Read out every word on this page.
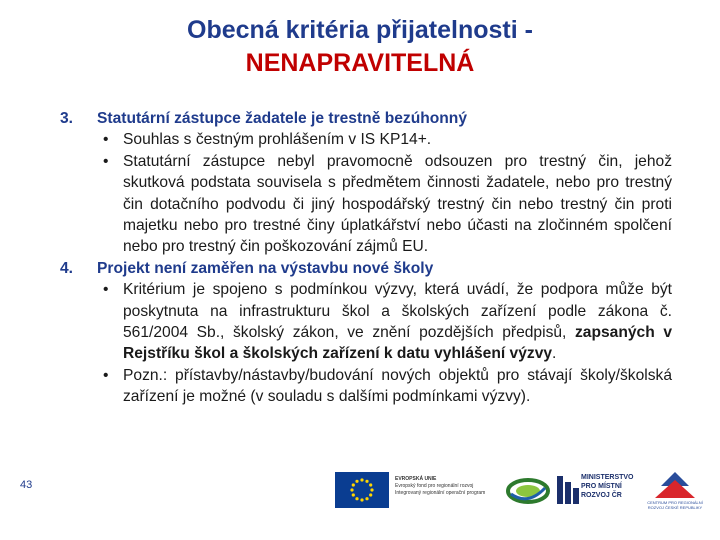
Obecná kritéria přijatelnosti -
NENAPRAVITELNÁ
3. Statutární zástupce žadatele je trestně bezúhonný
• Souhlas s čestným prohlášením v IS KP14+.
• Statutární zástupce nebyl pravomocně odsouzen pro trestný čin, jehož skutková podstata souvisela s předmětem činnosti žadatele, nebo pro trestný čin dotačního podvodu či jiný hospodářský trestný čin nebo trestný čin proti majetku nebo pro trestné činy úplatkářství nebo účasti na zločinném spolčení nebo pro trestný čin poškozování zájmů EU.
4. Projekt není zaměřen na výstavbu nové školy
• Kritérium je spojeno s podmínkou výzvy, která uvádí, že podpora může být poskytnuta na infrastrukturu škol a školských zařízení podle zákona č. 561/2004 Sb., školský zákon, ve znění pozdějších předpisů, zapsaných v Rejstříku škol a školských zařízení k datu vyhlášení výzvy.
• Pozn.: přístavby/nástavby/budování nových objektů pro stávají školy/školská zařízení je možné (v souladu s dalšími podmínkami výzvy).
43	EVROPSKÁ UNIE
Evropský fond pro regionální rozvoj
Integrovaný regionální operační program
MINISTERSTVO
PRO MÍSTNÍ
ROZVOJ ČR
CENTRUM PRO REGIONÁLNÍ ROZVOJ ČESKÉ REPUBLIKY
